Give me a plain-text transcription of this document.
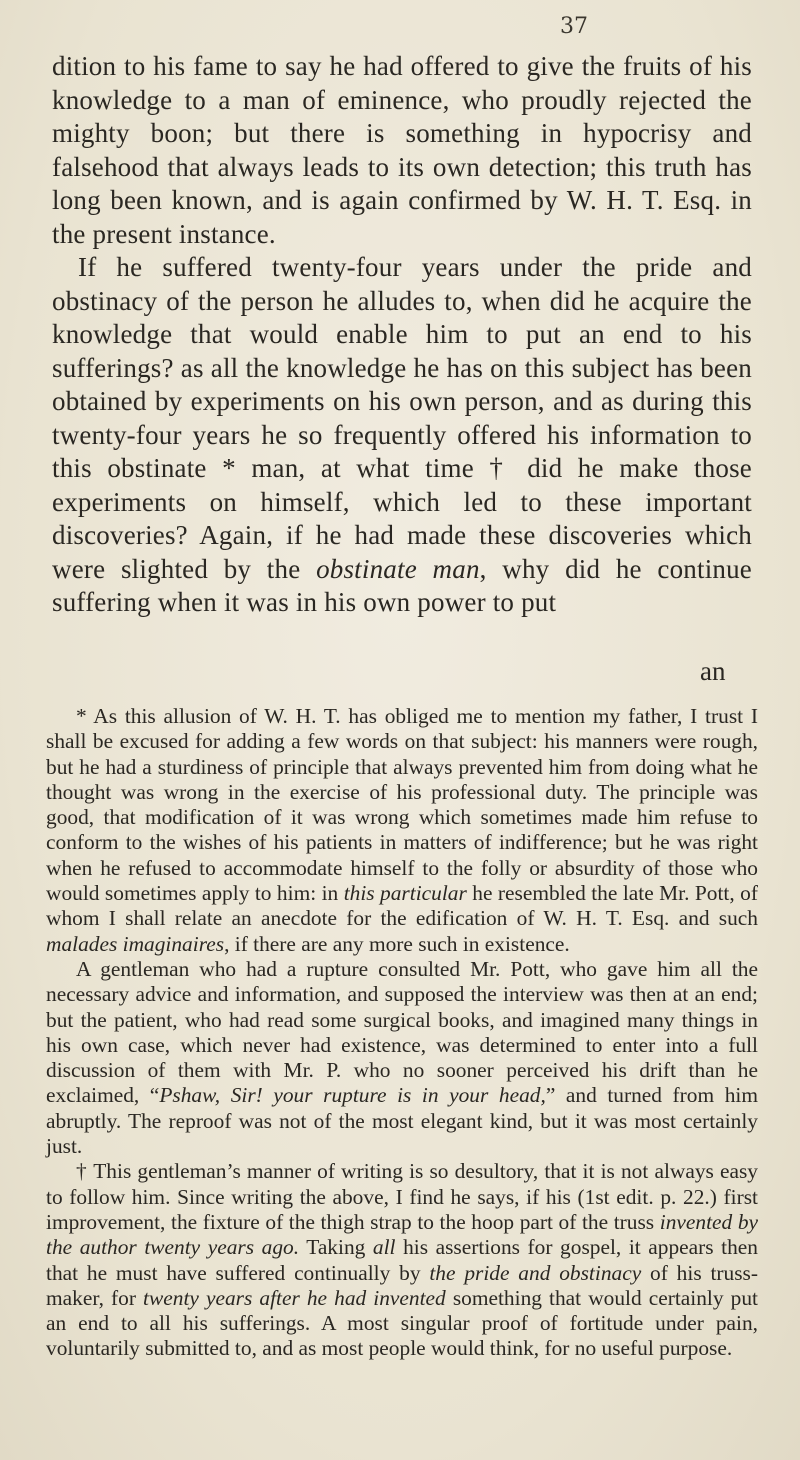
37

dition to his fame to say he had offered to give the fruits of his knowledge to a man of eminence, who proudly rejected the mighty boon; but there is something in hypocrisy and falsehood that always leads to its own detection; this truth has long been known, and is again confirmed by W. H. T. Esq. in the present instance.

If he suffered twenty-four years under the pride and obstinacy of the person he alludes to, when did he acquire the knowledge that would enable him to put an end to his sufferings? as all the knowledge he has on this subject has been obtained by experiments on his own person, and as during this twenty-four years he so frequently offered his information to this obstinate * man, at what time † did he make those experiments on himself, which led to these important discoveries? Again, if he had made these discoveries which were slighted by the obstinate man, why did he continue suffering when it was in his own power to put

an

* As this allusion of W. H. T. has obliged me to mention my father, I trust I shall be excused for adding a few words on that subject: his manners were rough, but he had a sturdiness of principle that always prevented him from doing what he thought was wrong in the exercise of his professional duty. The principle was good, that modification of it was wrong which sometimes made him refuse to conform to the wishes of his patients in matters of indifference; but he was right when he refused to accommodate himself to the folly or absurdity of those who would sometimes apply to him: in this particular he resembled the late Mr. Pott, of whom I shall relate an anecdote for the edification of W. H. T. Esq. and such malades imaginaires, if there are any more such in existence.

A gentleman who had a rupture consulted Mr. Pott, who gave him all the necessary advice and information, and supposed the interview was then at an end; but the patient, who had read some surgical books, and imagined many things in his own case, which never had existence, was determined to enter into a full discussion of them with Mr. P. who no sooner perceived his drift than he exclaimed, “Pshaw, Sir! your rupture is in your head,” and turned from him abruptly. The reproof was not of the most elegant kind, but it was most certainly just.

† This gentleman’s manner of writing is so desultory, that it is not always easy to follow him. Since writing the above, I find he says, if his (1st edit. p. 22.) first improvement, the fixture of the thigh strap to the hoop part of the truss invented by the author twenty years ago. Taking all his assertions for gospel, it appears then that he must have suffered continually by the pride and obstinacy of his truss-maker, for twenty years after he had invented something that would certainly put an end to all his sufferings. A most singular proof of fortitude under pain, voluntarily submitted to, and as most people would think, for no useful purpose.
